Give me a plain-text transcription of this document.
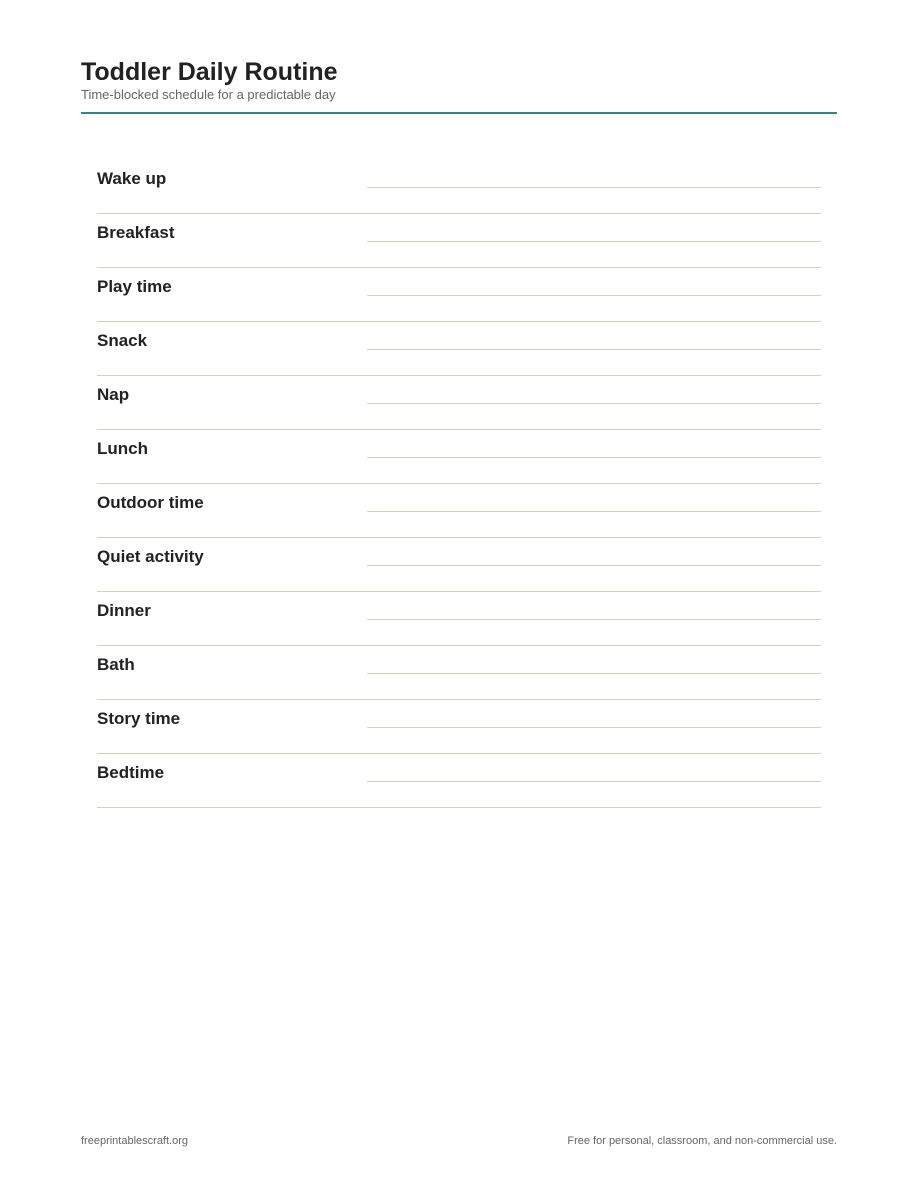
Toddler Daily Routine

Time-blocked schedule for a predictable day

Wake up
Breakfast
Play time
Snack
Nap
Lunch
Outdoor time
Quiet activity
Dinner
Bath
Story time
Bedtime
freeprintablescraft.org	Free for personal, classroom, and non-commercial use.
